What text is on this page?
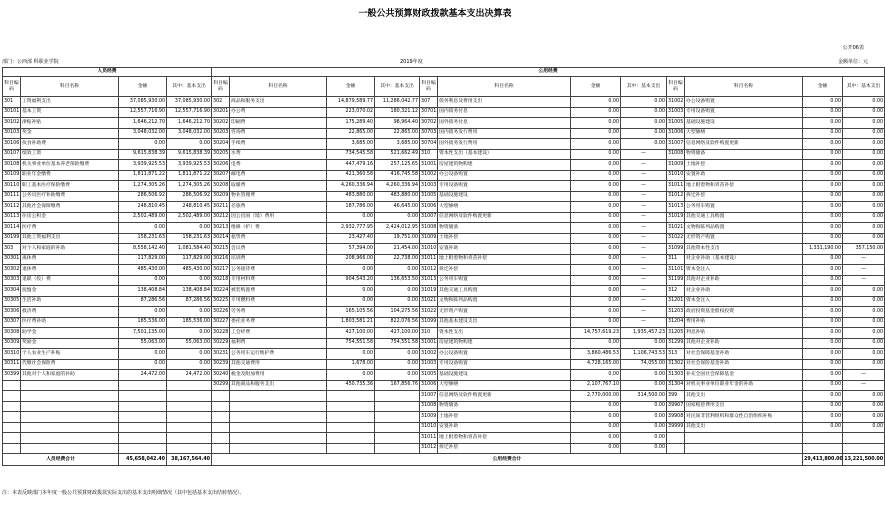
一般公共预算财政拨款基本支出决算表
公开06表
部门：公西部 科职业学院	2019年度	金额单位：元
人员经费				公用经费											
科目编码	科目名称	金额	其中：基本支出	科目编码	科目名称	金额	其中：基本支出	科目编码	科目名称	金额	其中：基本支出	科目编码	科目名称	金额	其中：基本支出
301	工资福利支出	37,085,930.00	37,085,930.00	302	商品和服务支出	14,879,589.77	11,286,042.77	307	债务利息及费用支出	0.00	0.00	31002	办公设备购置	0.00	0.00
30101	基本工资	12,557,716.90	12,557,716.90	30201	办公费	223,070.02	180,321.12	30701	国内债务付息	0.00	0.00	31003	专用设备购置	0.00	0.00
30102	津贴补贴	1,646,212.70	1,646,212.70	30202	印刷费	175,289.40	98,964.40	30702	国外债务付息	0.00	0.00	31005	基础设施建设	0.00	0.00
30103	奖金	3,048,032.00	3,048,032.00	30203	咨询费	22,865.00	22,865.00	30703	国内债务发行费用	0.00	0.00	31006	大型修缮	0.00	0.00
30106	伙食补助费	0.00	0.00	30204	手续费	3,685.00	3,685.00	30704	国外债务发行费用	0.00	0.00	31007	信息网络及软件购置更新	0.00	0.00
30107	绩效工资	9,615,838.39	9,615,838.39	30205	水费	734,545.58	521,662.49	310	资本性支出（基本建设）	0.00	—	31008	物资储备	0.00	0.00
30108	机关事业单位基本养老保险缴费	3,939,925.53	3,939,925.53	30206	电费	447,479.16	257,125.65	31001	房屋建筑物购建	0.00	—	31009	土地补偿	0.00	0.00
30109	职业年金缴费	1,811,871.22	1,811,871.22	30207	邮电费	421,360.58	416,745.58	31002	办公设备购置	0.00	—	31010	安置补助	0.00	0.00
30110	职工基本医疗保险缴费	1,274,305.26	1,274,305.26	30208	取暖费	4,260,336.94	4,260,336.94	31003	专用设备购置	0.00	—	31011	地上附着物和青苗补偿	0.00	0.00
30111	公务员医疗补助缴费	286,506.92	286,506.92	30209	物业管理费	483,880.00	483,880.00	31005	基础设施建设	0.00	—	31012	拆迁补偿	0.00	0.00
30112	其他社会保障缴费	248,810.45	248,810.45	30211	差旅费	187,786.00	46,645.00	31006	大型修缮	0.00	—	31013	公务用车购置	0.00	0.00
30113	住房公积金	2,502,489.00	2,502,489.00	30212	因公出国（境）费用	0.00	0.00	31007	信息网络及软件购置更新	0.00	—	31019	其他交通工具购置	0.00	0.00
30114	医疗费	0.00	0.00	30213	维修（护）费	2,932,777.95	2,424,012.95	31008	物资储备	0.00	—	31021	文物和陈列品购置	0.00	0.00
30199	其他工资福利支出	158,231.63	158,231.63	30214	租赁费	23,427.40	19,751.00	31009	土地补偿	0.00	—	31022	无形资产购置	0.00	0.00
303	对个人和家庭的补助	8,558,142.40	1,081,584.40	30215	会议费	57,394.00	21,454.00	31010	安置补助	0.00	—	31099	其他资本性支出	1,331,190.00	357,150.00
30301	离休费	117,829.00	117,829.00	30216	培训费	208,966.00	22,738.00	31011	地上附着物和青苗补偿	0.00	—	311	对企业补助（基本建设）	0.00	—
30302	退休费	485,430.00	485,430.00	30217	公务接待费	0.00	0.00	31012	拆迁补偿	0.00	—	31101	资本金注入	0.00	—
30303	退职（役）费	0.00	0.00	30218	专用材料费	904,543.20	136,653.50	31013	公务用车购置	0.00	—	31199	其他对企业补助	0.00	—
30304	抚恤金	138,408.84	138,408.84	30224	被装购置费	0.00	0.00	31019	其他交通工具购置	0.00	—	312	对企业补助	0.00	0.00
30305	生活补助	87,286.56	87,286.56	30225	专用燃料费	0.00	0.00	31021	文物和陈列品购置	0.00	—	31201	资本金注入	0.00	0.00
30306	救济费	0.00	0.00	30226	劳务费	165,105.56	104,275.56	31022	无形资产购置	0.00	—	31203	政府投资基金股权投资	0.00	0.00
30307	医疗费补助	185,536.00	185,536.00	30227	委托业务费	1,803,581.21	822,076.56	31099	其他基本建设支出	0.00	—	31204	费用补贴	0.00	0.00
30308	助学金	7,501,135.00	0.00	30228	工会经费	427,100.00	427,100.00	310	资本性支出	14,757,619.23	1,935,457.23	31205	利息补贴	0.00	0.00
30309	奖励金	55,063.00	55,063.00	30229	福利费	754,551.58	754,551.58	31001	房屋建筑物购建	0.00	0.00	31299	其他对企业补助	0.00	0.00
30310	个人农业生产补贴	0.00	0.00	30231	公务用车运行维护费	0.00	0.00	31002	办公设备购置	3,860,486.53	1,106,743.53	313	对社会保障基金补助	0.00	0.00
30311	代缴社会保险费	0.00	0.00	30239	其他交通费用	1,678.00	0.00	31003	专用设备购置	4,728,165.00	74,055.00	31302	对社会保险基金补助	0.00	0.00
30399	其他对个人和家庭的补助	24,472.00	24,472.00	30240	税金及附加费用	0.00	0.00	31005	基础设施建设	0.00	0.00	31303	补充全国社会保障基金	0.00	—
				30299	其他商品和服务支出	450,735.36	167,856.76	31006	大型修缮	2,107,767.10	0.00	31304	对机关事业单位职业年金的补助	0.00	—
								31007	信息网络及软件购置更新	2,770,000.00	314,500.00	399	其他支出	0.00	0.00
								31008	物资储备	0.00	0.00	39907	国家赔偿费用支出	0.00	0.00
								31009	土地补偿	0.00	0.00	39908	对民间非营利组织和群众性自治组织补贴	0.00	0.00
								31010	安置补助	0.00	0.00	39999	其他支出	0.00	0.00
								31011	地上附着物和青苗补偿	0.00	0.00				
								31012	拆迁补偿	0.00	0.00				
人员经费合计		45,658,042.40	38,167,564.40	公用经费合计										29,413,800.00	13,221,500.00
注：本表反映部门本年度一般公共预算财政拨款实际支出的基本支出明细情况（其中包括基本支出结转情况）。
